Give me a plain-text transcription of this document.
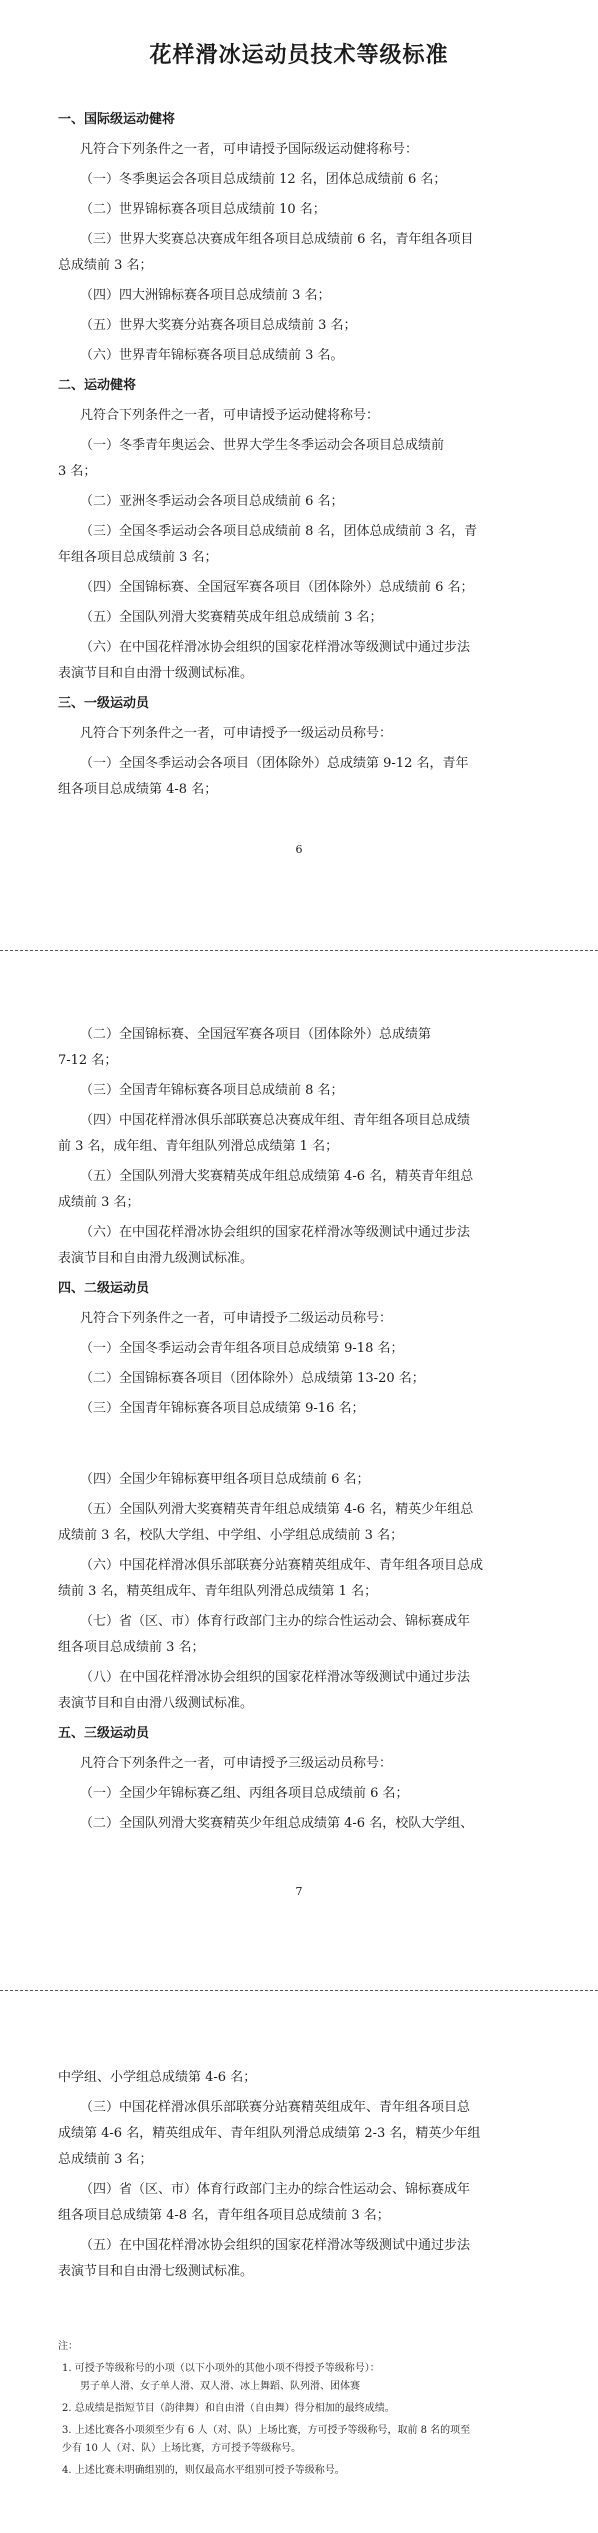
花样滑冰运动员技术等级标准
一、国际级运动健将
凡符合下列条件之一者，可申请授予国际级运动健将称号：
（一）冬季奥运会各项目总成绩前 12 名，团体总成绩前 6 名；
（二）世界锦标赛各项目总成绩前 10 名；
（三）世界大奖赛总决赛成年组各项目总成绩前 6 名，青年组各项目
总成绩前 3 名；
（四）四大洲锦标赛各项目总成绩前 3 名；
（五）世界大奖赛分站赛各项目总成绩前 3 名；
（六）世界青年锦标赛各项目总成绩前 3 名。
二、运动健将
凡符合下列条件之一者，可申请授予运动健将称号：
（一）冬季青年奥运会、世界大学生冬季运动会各项目总成绩前
3 名；
（二）亚洲冬季运动会各项目总成绩前 6 名；
（三）全国冬季运动会各项目总成绩前 8 名，团体总成绩前 3 名，青
年组各项目总成绩前 3 名；
（四）全国锦标赛、全国冠军赛各项目（团体除外）总成绩前 6 名；
（五）全国队列滑大奖赛精英成年组总成绩前 3 名；
（六）在中国花样滑冰协会组织的国家花样滑冰等级测试中通过步法
表演节目和自由滑十级测试标准。
三、一级运动员
凡符合下列条件之一者，可申请授予一级运动员称号：
（一）全国冬季运动会各项目（团体除外）总成绩第 9-12 名，青年
组各项目总成绩第 4-8 名；
6
（二）全国锦标赛、全国冠军赛各项目（团体除外）总成绩第
7-12 名；
（三）全国青年锦标赛各项目总成绩前 8 名；
（四）中国花样滑冰俱乐部联赛总决赛成年组、青年组各项目总成绩
前 3 名，成年组、青年组队列滑总成绩第 1 名；
（五）全国队列滑大奖赛精英成年组总成绩第 4-6 名，精英青年组总
成绩前 3 名；
（六）在中国花样滑冰协会组织的国家花样滑冰等级测试中通过步法
表演节目和自由滑九级测试标准。
四、二级运动员
凡符合下列条件之一者，可申请授予二级运动员称号：
（一）全国冬季运动会青年组各项目总成绩第 9-18 名；
（二）全国锦标赛各项目（团体除外）总成绩第 13-20 名；
（三）全国青年锦标赛各项目总成绩第 9-16 名；
（四）全国少年锦标赛甲组各项目总成绩前 6 名；
（五）全国队列滑大奖赛精英青年组总成绩第 4-6 名，精英少年组总
成绩前 3 名，校队大学组、中学组、小学组总成绩前 3 名；
（六）中国花样滑冰俱乐部联赛分站赛精英组成年、青年组各项目总成
绩前 3 名，精英组成年、青年组队列滑总成绩第 1 名；
（七）省（区、市）体育行政部门主办的综合性运动会、锦标赛成年
组各项目总成绩前 3 名；
（八）在中国花样滑冰协会组织的国家花样滑冰等级测试中通过步法
表演节目和自由滑八级测试标准。
五、三级运动员
凡符合下列条件之一者，可申请授予三级运动员称号：
（一）全国少年锦标赛乙组、丙组各项目总成绩前 6 名；
（二）全国队列滑大奖赛精英少年组总成绩第 4-6 名，校队大学组、
7
中学组、小学组总成绩第 4-6 名；
（三）中国花样滑冰俱乐部联赛分站赛精英组成年、青年组各项目总
成绩第 4-6 名，精英组成年、青年组队列滑总成绩第 2-3 名，精英少年组
总成绩前 3 名；
（四）省（区、市）体育行政部门主办的综合性运动会、锦标赛成年
组各项目总成绩第 4-8 名，青年组各项目总成绩前 3 名；
（五）在中国花样滑冰协会组织的国家花样滑冰等级测试中通过步法
表演节目和自由滑七级测试标准。
注：
1. 可授予等级称号的小项（以下小项外的其他小项不得授予等级称号）：
男子单人滑、女子单人滑、双人滑、冰上舞蹈、队列滑、团体赛
2. 总成绩是指短节目（韵律舞）和自由滑（自由舞）得分相加的最终成绩。
3. 上述比赛各小项须至少有 6 人（对、队）上场比赛，方可授予等级称号，取前 8 名的项至
少有 10 人（对、队）上场比赛，方可授予等级称号。
4. 上述比赛未明确组别的，则仅最高水平组别可授予等级称号。
